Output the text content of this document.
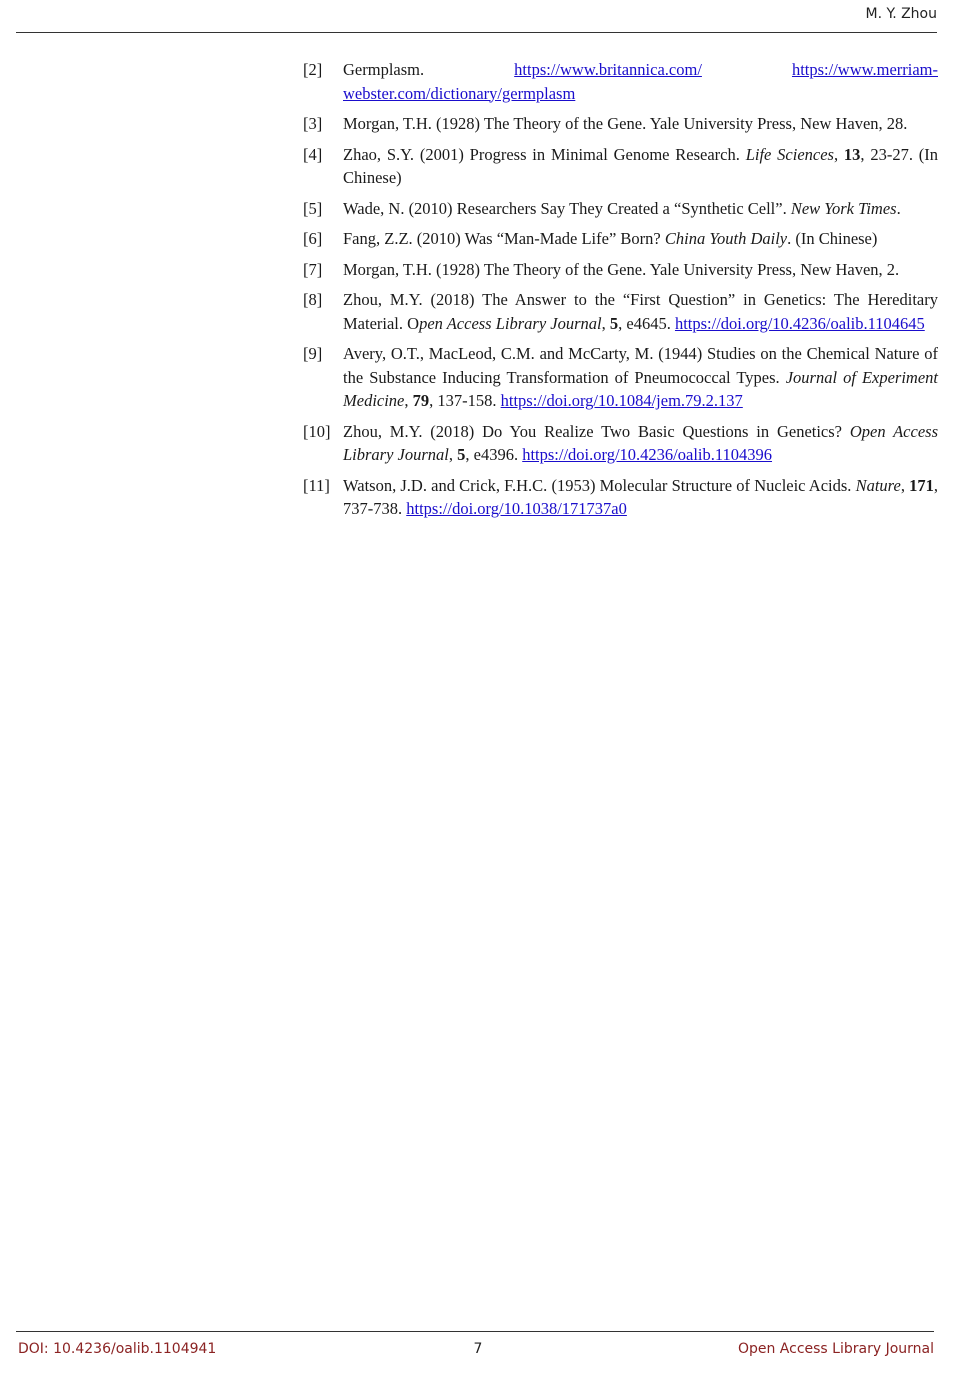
M. Y. Zhou
[2] Germplasm. https://www.britannica.com/	https://www.merriam-webster.com/dictionary/germplasm
[3] Morgan, T.H. (1928) The Theory of the Gene. Yale University Press, New Haven, 28.
[4] Zhao, S.Y. (2001) Progress in Minimal Genome Research. Life Sciences, 13, 23-27. (In Chinese)
[5] Wade, N. (2010) Researchers Say They Created a “Synthetic Cell”. New York Times.
[6] Fang, Z.Z. (2010) Was “Man-Made Life” Born? China Youth Daily. (In Chinese)
[7] Morgan, T.H. (1928) The Theory of the Gene. Yale University Press, New Haven, 2.
[8] Zhou, M.Y. (2018) The Answer to the “First Question” in Genetics: The Hereditary Material. Open Access Library Journal, 5, e4645. https://doi.org/10.4236/oalib.1104645
[9] Avery, O.T., MacLeod, C.M. and McCarty, M. (1944) Studies on the Chemical Nature of the Substance Inducing Transformation of Pneumococcal Types. Journal of Experiment Medicine, 79, 137-158. https://doi.org/10.1084/jem.79.2.137
[10] Zhou, M.Y. (2018) Do You Realize Two Basic Questions in Genetics? Open Access Library Journal, 5, e4396. https://doi.org/10.4236/oalib.1104396
[11] Watson, J.D. and Crick, F.H.C. (1953) Molecular Structure of Nucleic Acids. Nature, 171, 737-738. https://doi.org/10.1038/171737a0
DOI: 10.4236/oalib.1104941	7	Open Access Library Journal
